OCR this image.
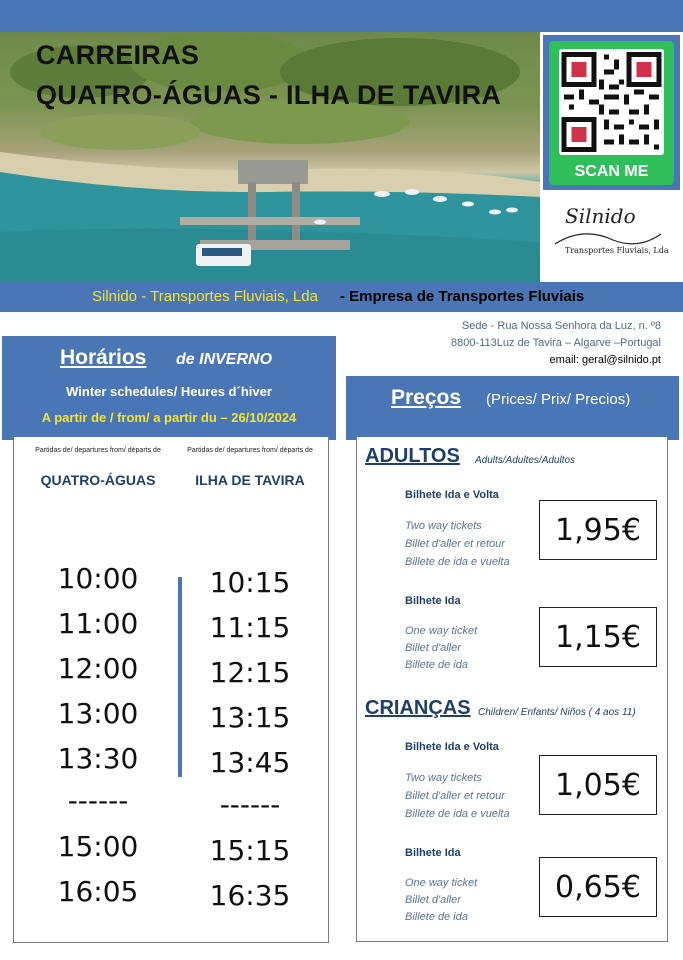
CARREIRAS
QUATRO-ÁGUAS - ILHA DE TAVIRA
SCAN ME
Silnido
Transportes Fluviais, Lda
Silnido - Transportes Fluviais, Lda - Empresa de Transportes Fluviais
Sede - Rua Nossa Senhora da Luz, n. º8
8800-113Luz de Tavira – Algarve –Portugal
email: geral@silnido.pt
Horários de INVERNO
Winter schedules/ Heures d´hiver
A partir de / from/ a partir du – 26/10/2024
Partidas de/ departures from/ départs de
QUATRO-ÁGUAS
10:00
11:00
12:00
13:00
13:30
------
15:00
16:05
Partidas de/ departures from/ départs de
ILHA DE TAVIRA
10:15
11:15
12:15
13:15
13:45
------
15:15
16:35
Preços (Prices/ Prix/ Precios)
ADULTOS Adults/Adultes/Adultos
Bilhete Ida e Volta
Two way tickets
Billet d'aller et retour
Billete de ida e vuelta
1,95€
Bilhete Ida
One way ticket
Billet d'aller
Billete de ida
1,15€
CRIANÇAS Children/ Enfants/ Niños ( 4 aos 11)
Bilhete Ida e Volta
Two way tickets
Billet d'aller et retour
Billete de ida e vuelta
1,05€
Bilhete Ida
One way ticket
Billet d'aller
Billete de ida
0,65€
